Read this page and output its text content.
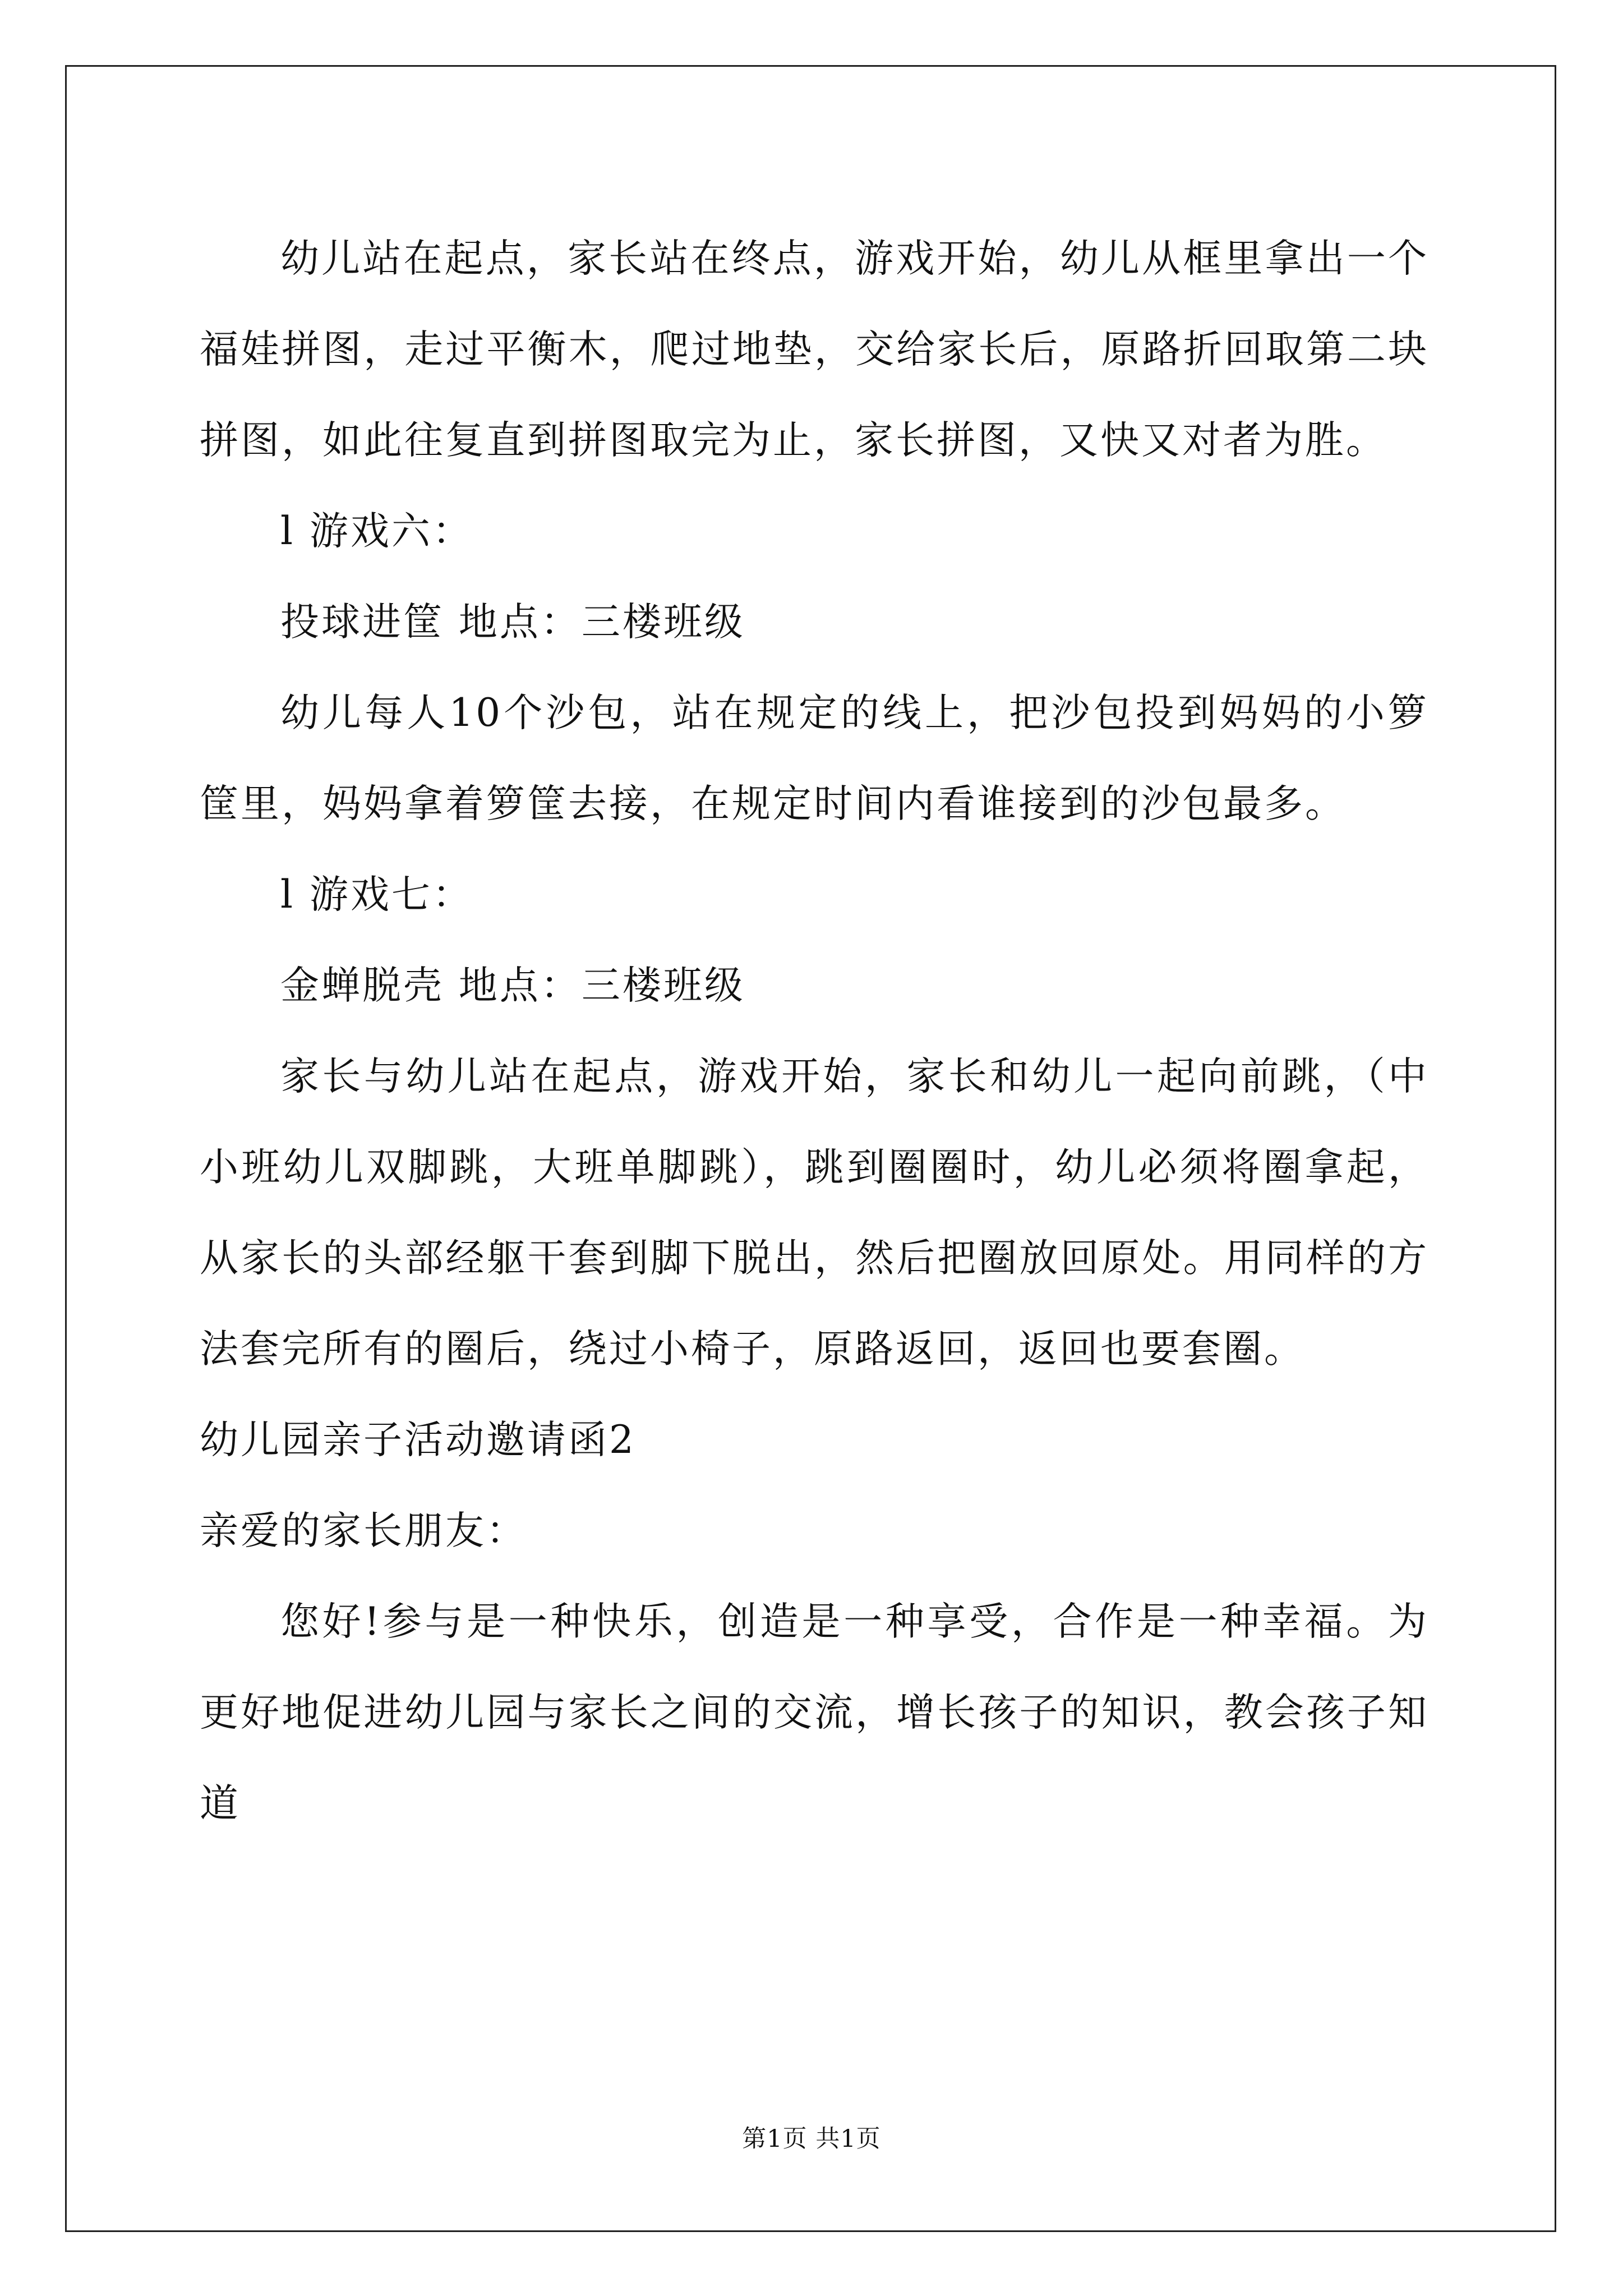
幼儿站在起点，家长站在终点，游戏开始，幼儿从框里拿出一个福娃拼图，走过平衡木，爬过地垫，交给家长后，原路折回取第二块拼图，如此往复直到拼图取完为止，家长拼图，又快又对者为胜。

l 游戏六：

投球进筐 地点：三楼班级

幼儿每人10个沙包，站在规定的线上，把沙包投到妈妈的小箩筐里，妈妈拿着箩筐去接，在规定时间内看谁接到的沙包最多。

l 游戏七：

金蝉脱壳 地点：三楼班级

家长与幼儿站在起点，游戏开始，家长和幼儿一起向前跳，（中小班幼儿双脚跳，大班单脚跳），跳到圈圈时，幼儿必须将圈拿起，从家长的头部经躯干套到脚下脱出，然后把圈放回原处。用同样的方法套完所有的圈后，绕过小椅子，原路返回，返回也要套圈。

幼儿园亲子活动邀请函2

亲爱的家长朋友：

您好!参与是一种快乐，创造是一种享受，合作是一种幸福。为更好地促进幼儿园与家长之间的交流，增长孩子的知识，教会孩子知道

第1页 共1页
